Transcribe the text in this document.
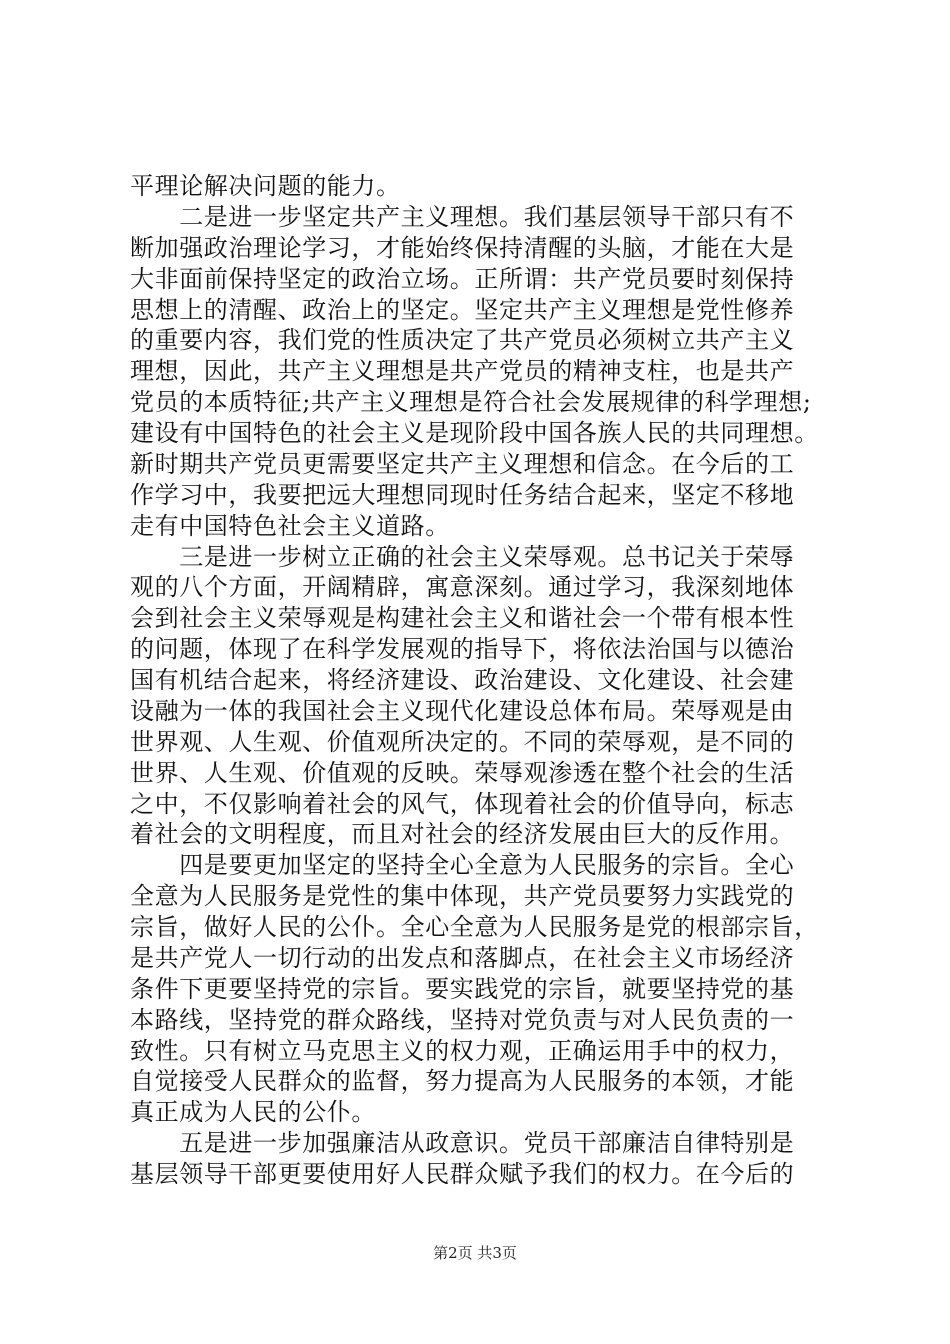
平理论解决问题的能力。
　　二是进一步坚定共产主义理想。我们基层领导干部只有不
断加强政治理论学习，才能始终保持清醒的头脑，才能在大是
大非面前保持坚定的政治立场。正所谓：共产党员要时刻保持
思想上的清醒、政治上的坚定。坚定共产主义理想是党性修养
的重要内容，我们党的性质决定了共产党员必须树立共产主义
理想，因此，共产主义理想是共产党员的精神支柱，也是共产
党员的本质特征;共产主义理想是符合社会发展规律的科学理想;
建设有中国特色的社会主义是现阶段中国各族人民的共同理想。
新时期共产党员更需要坚定共产主义理想和信念。在今后的工
作学习中，我要把远大理想同现时任务结合起来，坚定不移地
走有中国特色社会主义道路。
　　三是进一步树立正确的社会主义荣辱观。总书记关于荣辱
观的八个方面，开阔精辟，寓意深刻。通过学习，我深刻地体
会到社会主义荣辱观是构建社会主义和谐社会一个带有根本性
的问题，体现了在科学发展观的指导下，将依法治国与以德治
国有机结合起来，将经济建设、政治建设、文化建设、社会建
设融为一体的我国社会主义现代化建设总体布局。荣辱观是由
世界观、人生观、价值观所决定的。不同的荣辱观，是不同的
世界、人生观、价值观的反映。荣辱观渗透在整个社会的生活
之中，不仅影响着社会的风气，体现着社会的价值导向，标志
着社会的文明程度，而且对社会的经济发展由巨大的反作用。
　　四是要更加坚定的坚持全心全意为人民服务的宗旨。全心
全意为人民服务是党性的集中体现，共产党员要努力实践党的
宗旨，做好人民的公仆。全心全意为人民服务是党的根部宗旨，
是共产党人一切行动的出发点和落脚点，在社会主义市场经济
条件下更要坚持党的宗旨。要实践党的宗旨，就要坚持党的基
本路线，坚持党的群众路线，坚持对党负责与对人民负责的一
致性。只有树立马克思主义的权力观，正确运用手中的权力，
自觉接受人民群众的监督，努力提高为人民服务的本领，才能
真正成为人民的公仆。
　　五是进一步加强廉洁从政意识。党员干部廉洁自律特别是
基层领导干部更要使用好人民群众赋予我们的权力。在今后的
第2页 共3页
